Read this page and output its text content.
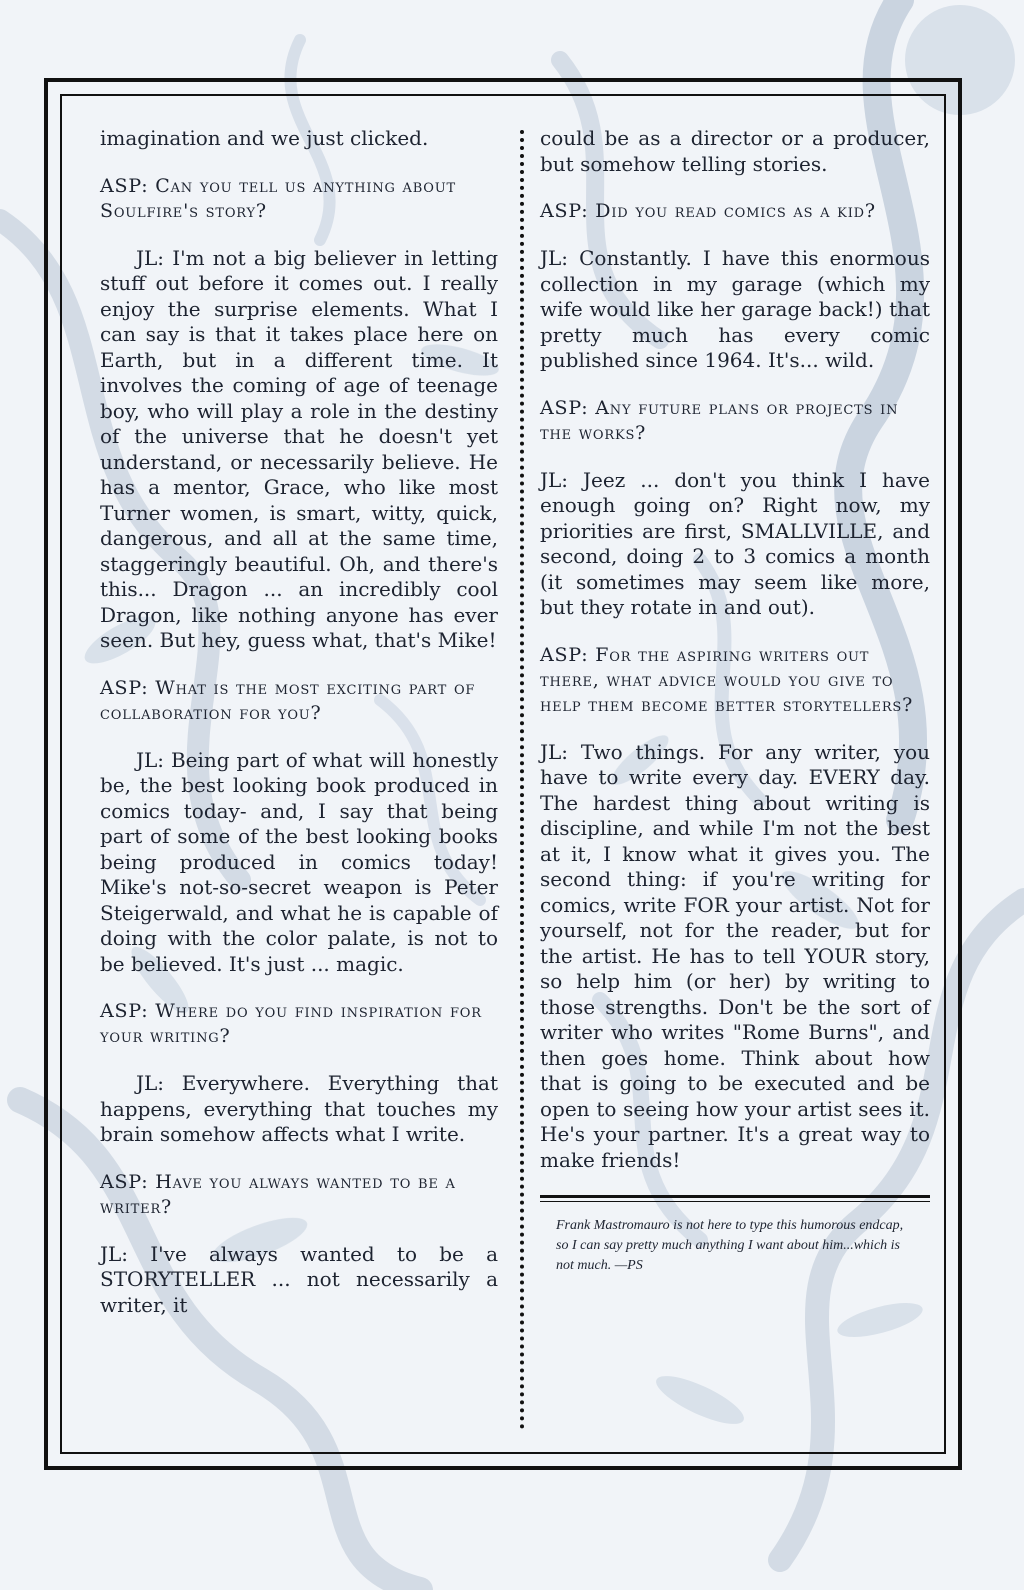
imagination and we just clicked.

ASP: Can you tell us anything about Soulfire's story?

JL: I'm not a big believer in letting stuff out before it comes out. I really enjoy the surprise elements. What I can say is that it takes place here on Earth, but in a different time. It involves the coming of age of teenage boy, who will play a role in the destiny of the universe that he doesn't yet understand, or necessarily believe. He has a mentor, Grace, who like most Turner women, is smart, witty, quick, dangerous, and all at the same time, staggeringly beautiful. Oh, and there's this... Dragon ... an incredibly cool Dragon, like nothing anyone has ever seen. But hey, guess what, that's Mike!

ASP: What is the most exciting part of collaboration for you?

JL: Being part of what will honestly be, the best looking book produced in comics today- and, I say that being part of some of the best looking books being produced in comics today! Mike's not-so-secret weapon is Peter Steigerwald, and what he is capable of doing with the color palate, is not to be believed. It's just ... magic.

ASP: Where do you find inspiration for your writing?

JL: Everywhere. Everything that happens, everything that touches my brain somehow affects what I write.

ASP: Have you always wanted to be a writer?

JL: I've always wanted to be a STORYTELLER ... not necessarily a writer, it

could be as a director or a producer, but somehow telling stories.

ASP: Did you read comics as a kid?

JL: Constantly. I have this enormous collection in my garage (which my wife would like her garage back!) that pretty much has every comic published since 1964. It's... wild.

ASP: Any future plans or projects in the works?

JL: Jeez ... don't you think I have enough going on? Right now, my priorities are first, SMALLVILLE, and second, doing 2 to 3 comics a month (it sometimes may seem like more, but they rotate in and out).

ASP: For the aspiring writers out there, what advice would you give to help them become better storytellers?

JL: Two things. For any writer, you have to write every day. EVERY day. The hardest thing about writing is discipline, and while I'm not the best at it, I know what it gives you. The second thing: if you're writing for comics, write FOR your artist. Not for yourself, not for the reader, but for the artist. He has to tell YOUR story, so help him (or her) by writing to those strengths. Don't be the sort of writer who writes "Rome Burns", and then goes home. Think about how that is going to be executed and be open to seeing how your artist sees it. He's your partner. It's a great way to make friends!

Frank Mastromauro is not here to type this humorous endcap, so I can say pretty much anything I want about him...which is not much. —PS
